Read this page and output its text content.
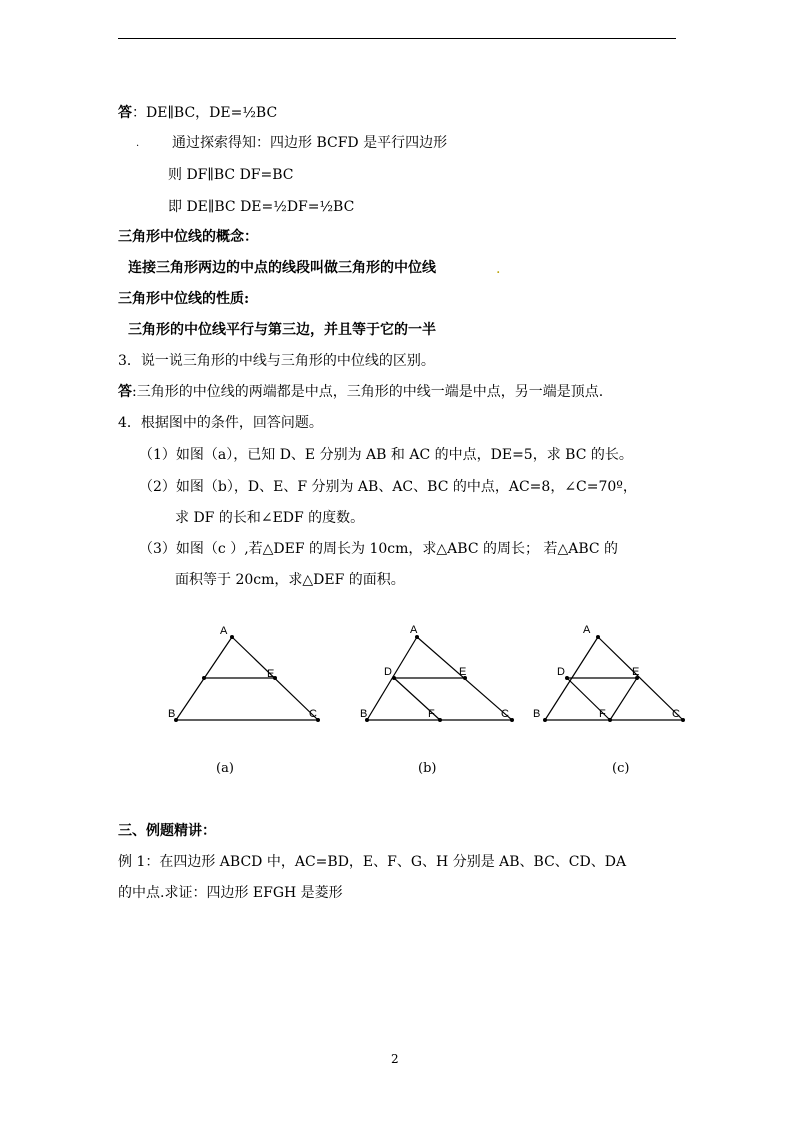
答：DE∥BC，DE=½BC
. 通过探索得知：四边形 BCFD 是平行四边形
则 DF∥BC DF=BC
即 DE∥BC DE=½DF=½BC
三角形中位线的概念：
连接三角形两边的中点的线段叫做三角形的中位线	.
三角形中位线的性质:
三角形的中位线平行与第三边，并且等于它的一半
3．说一说三角形的中线与三角形的中位线的区别。
答:三角形的中位线的两端都是中点，三角形的中线一端是中点，另一端是顶点.
4．根据图中的条件，回答问题。
（1）如图（a），已知 D、E 分别为 AB 和 AC 的中点，DE=5，求 BC 的长。
（2）如图（b），D、E、F 分别为 AB、AC、BC 的中点，AC=8，∠C=70º，
求 DF 的长和∠EDF 的度数。
（3）如图（c ）,若△DEF 的周长为 10cm，求△ABC 的周长； 若△ABC 的
面积等于 20cm，求△DEF 的面积。
A
E
B	C
(a)
A
D	E
B	F	C
(b)
A
D	E
B	F	C
(c)
三、例题精讲：
例 1：在四边形 ABCD 中，AC=BD，E、F、G、H 分别是 AB、BC、CD、DA
的中点.求证：四边形 EFGH 是菱形
2
